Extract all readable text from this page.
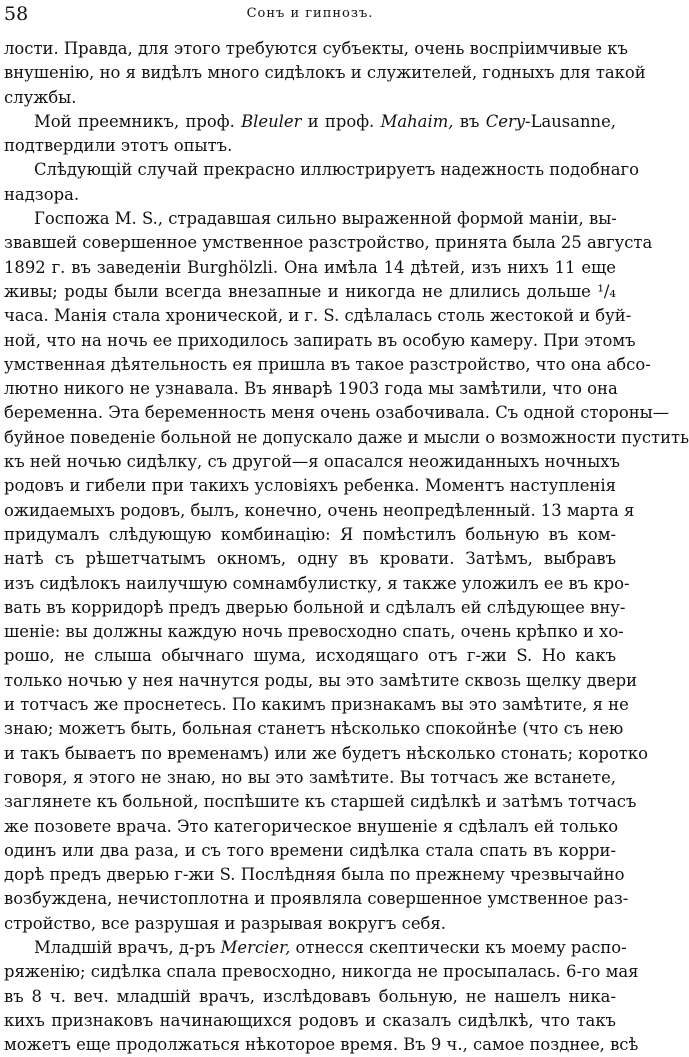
58	Сонъ и гипнозъ.
лости. Правда, для этого требуются субъекты, очень воспріимчивые къ
внушенію, но я видѣлъ много сидѣлокъ и служителей, годныхъ для такой
службы.
Мой преемникъ, проф. Bleuler и проф. Mahaim, въ Cery-Lausanne,
подтвердили этотъ опытъ.
Слѣдующій случай прекрасно иллюстрируетъ надежность подобнаго
надзора.
Госпожа М. S., страдавшая сильно выраженной формой маніи, вы-
звавшей совершенное умственное разстройство, принята была 25 августа
1892 г. въ заведеніи Burghölzli. Она имѣла 14 дѣтей, изъ нихъ 11 еще
живы; роды были всегда внезапные и никогда не длились дольше ¹/₄
часа. Манія стала хронической, и г. S. сдѣлалась столь жестокой и буй-
ной, что на ночь ее приходилось запирать въ особую камеру. При этомъ
умственная дѣятельность ея пришла въ такое разстройство, что она абсо-
лютно никого не узнавала. Въ январѣ 1903 года мы замѣтили, что она
беременна. Эта беременность меня очень озабочивала. Съ одной стороны—
буйное поведеніе больной не допускало даже и мысли о возможности пустить
къ ней ночью сидѣлку, съ другой—я опасался неожиданныхъ ночныхъ
родовъ и гибели при такихъ условіяхъ ребенка. Моментъ наступленія
ожидаемыхъ родовъ, былъ, конечно, очень неопредѣленный. 13 марта я
придумалъ слѣдующую комбинацію: Я помѣстилъ больную въ ком-
натѣ съ рѣшетчатымъ окномъ, одну въ кровати. Затѣмъ, выбравъ
изъ сидѣлокъ наилучшую сомнамбулистку, я также уложилъ ее въ кро-
вать въ корридорѣ предъ дверью больной и сдѣлалъ ей слѣдующее вну-
шеніе: вы должны каждую ночь превосходно спать, очень крѣпко и хо-
рошо, не слыша обычнаго шума, исходящаго отъ г-жи S. Но какъ
только ночью у нея начнутся роды, вы это замѣтите сквозь щелку двери
и тотчасъ же проснетесь. По какимъ признакамъ вы это замѣтите, я не
знаю; можетъ быть, больная станетъ нѣсколько спокойнѣе (что съ нею
и такъ бываетъ по временамъ) или же будетъ нѣсколько стонать; коротко
говоря, я этого не знаю, но вы это замѣтите. Вы тотчасъ же встанете,
заглянете къ больной, поспѣшите къ старшей сидѣлкѣ и затѣмъ тотчасъ
же позовете врача. Это категорическое внушеніе я сдѣлалъ ей только
одинъ или два раза, и съ того времени сидѣлка стала спать въ корри-
дорѣ предъ дверью г-жи S. Послѣдняя была по прежнему чрезвычайно
возбуждена, нечистоплотна и проявляла совершенное умственное раз-
стройство, все разрушая и разрывая вокругъ себя.
Младшій врачъ, д-ръ Mercier, отнесся скептически къ моему распо-
ряженію; сидѣлка спала превосходно, никогда не просыпалась. 6-го мая
въ 8 ч. веч. младшій врачъ, изслѣдовавъ больную, не нашелъ никa-
кихъ признаковъ начинающихся родовъ и сказалъ сидѣлкѣ, что такъ
можетъ еще продолжаться нѣкоторое время. Въ 9 ч., самое позднее, всѣ
